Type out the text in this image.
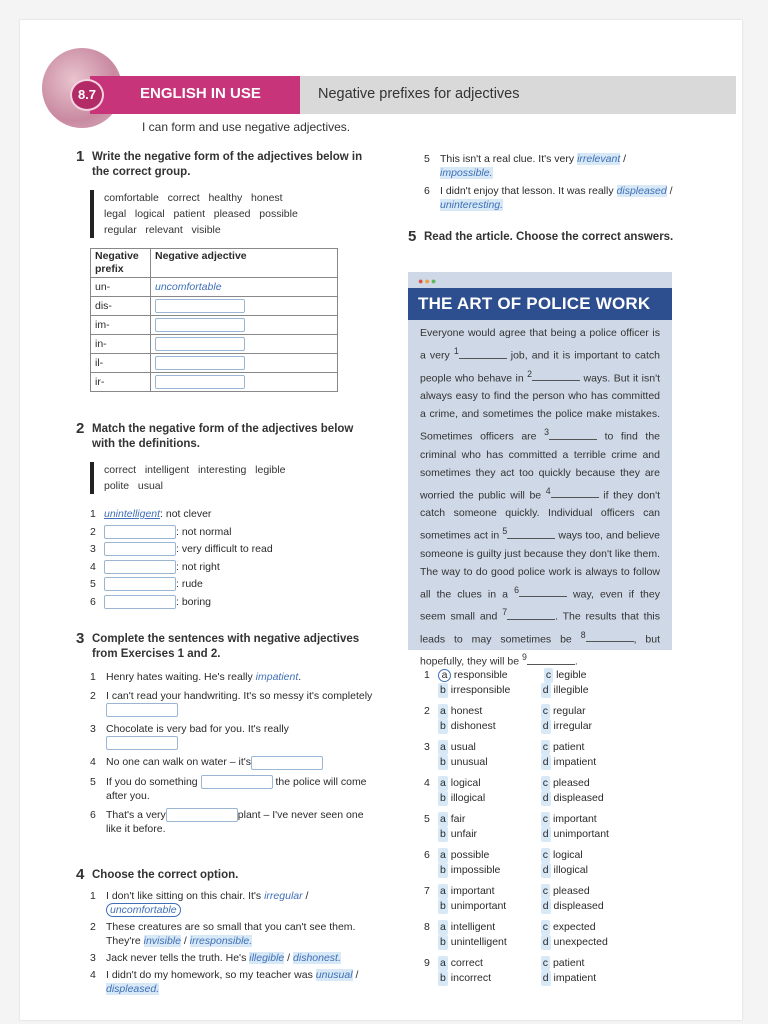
8.7	ENGLISH IN USE	Negative prefixes for adjectives
I can form and use negative adjectives.
1 Write the negative form of the adjectives below in the correct group.
comfortable   correct   healthy   honest
legal   logical   patient   pleased   possible
regular   relevant   visible
Negative prefix	Negative adjective
un-	uncomfortable
dis-	
im-	
in-	
il-	
ir-	
2 Match the negative form of the adjectives below with the definitions.
correct   intelligent   interesting   legible
polite   usual
1 unintelligent: not clever
2	: not normal
3	: very difficult to read
4	: not right
5	: rude
6	: boring
3 Complete the sentences with negative adjectives from Exercises 1 and 2.
1 Henry hates waiting. He's really impatient.
2 I can't read your handwriting. It's so messy it's completely
3 Chocolate is very bad for you. It's really

4 No one can walk on water – it's
5 If you do something	the police will come after you.
6 That's a very	plant – I've never seen one like it before.
4 Choose the correct option.
1 I don't like sitting on this chair. It's irregular / uncomfortable
2 These creatures are so small that you can't see them. They're invisible / irresponsible.
3 Jack never tells the truth. He's illegible / dishonest.
4 I didn't do my homework, so my teacher was unusual / displeased.
5 This isn't a real clue. It's very irrelevant / impossible.
6 I didn't enjoy that lesson. It was really displeased / uninteresting.
5 Read the article. Choose the correct answers.
●●●
THE ART OF POLICE WORK
Everyone would agree that being a police officer is a very $^1$	job, and it is important to catch people who behave in $^2$	ways. But it isn't always easy to find the person who has committed a crime, and sometimes the police make mistakes. Sometimes officers are $^3$	to find the criminal who has committed a terrible crime and sometimes they act too quickly because they are worried the public will be $^4$	if they don't catch someone quickly. Individual officers can sometimes act in $^5$	ways too, and believe someone is guilty just because they don't like them. The way to do good police work is always to follow all the clues in a $^6$	way, even if they seem small and $^7$	. The results that this leads to may sometimes be $^8$	, but hopefully, they will be $^9$	.
1 a responsible	c legible
b irresponsible	d illegible
2 a honest	c regular
b dishonest	d irregular
3 a usual	c patient
b unusual	d impatient
4 a logical	c pleased
b illogical	d displeased
5 a fair	c important
b unfair	d unimportant
6 a possible	c logical
b impossible	d illogical
7 a important	c pleased
b unimportant	d displeased
8 a intelligent	c expected
b unintelligent	d unexpected
9 a correct	c patient
b incorrect	d impatient
